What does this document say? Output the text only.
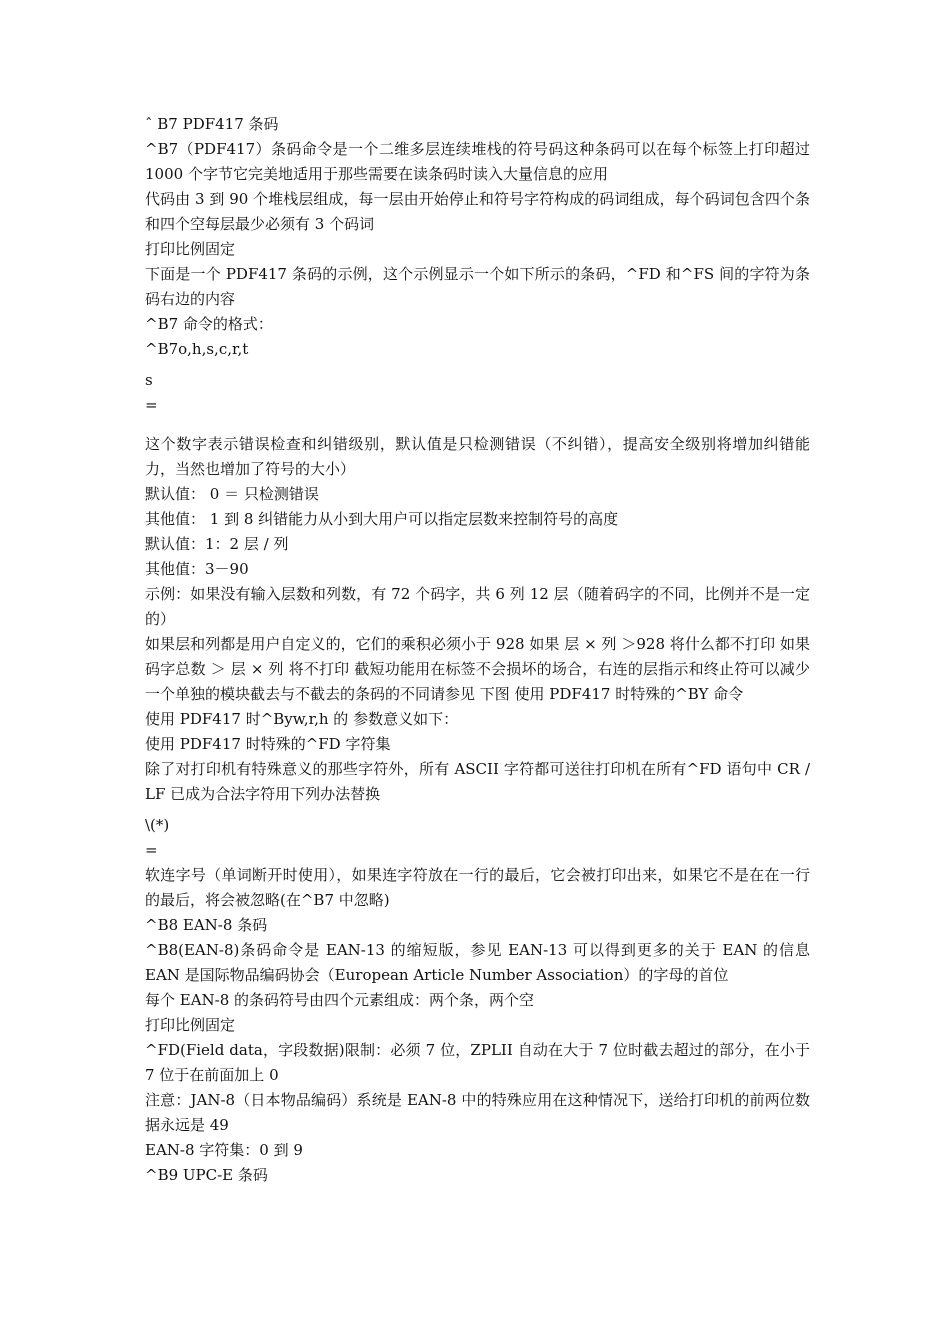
ˆ B7 PDF417 条码

^B7（PDF417）条码命令是一个二维多层连续堆栈的符号码这种条码可以在每个标签上打印超过 1000 个字节它完美地适用于那些需要在读条码时读入大量信息的应用

代码由 3 到 90 个堆栈层组成，每一层由开始停止和符号字符构成的码词组成，每个码词包含四个条和四个空每层最少必须有 3 个码词

打印比例固定

下面是一个 PDF417 条码的示例，这个示例显示一个如下所示的条码，^FD 和^FS 间的字符为条码右边的内容

^B7 命令的格式：

^B7o,h,s,c,r,t

s

=

这个数字表示错误检查和纠错级别，默认值是只检测错误（不纠错），提高安全级别将增加纠错能力，当然也增加了符号的大小）

默认值： 0 ＝ 只检测错误

其他值： 1 到 8 纠错能力从小到大用户可以指定层数来控制符号的高度

默认值：1：2 层 / 列

其他值：3－90

示例：如果没有输入层数和列数，有 72 个码字，共 6 列 12 层（随着码字的不同，比例并不是一定的）

如果层和列都是用户自定义的，它们的乘积必须小于 928 如果 层 × 列 ＞928 将什么都不打印 如果 码字总数 ＞ 层 × 列 将不打印 截短功能用在标签不会损坏的场合，右连的层指示和终止符可以减少一个单独的模块截去与不截去的条码的不同请参见 下图 使用 PDF417 时特殊的^BY 命令

使用 PDF417 时^Byw,r,h 的 参数意义如下：

使用 PDF417 时特殊的^FD 字符集

除了对打印机有特殊意义的那些字符外，所有 ASCII 字符都可送往打印机在所有^FD 语句中 CR / LF 已成为合法字符用下列办法替换

\(*)

=

软连字号（单词断开时使用），如果连字符放在一行的最后，它会被打印出来，如果它不是在在一行的最后，将会被忽略(在^B7 中忽略)

^B8 EAN-8 条码

^B8(EAN-8)条码命令是 EAN-13 的缩短版，参见 EAN-13 可以得到更多的关于 EAN 的信息 EAN 是国际物品编码协会（European Article Number Association）的字母的首位

每个 EAN-8 的条码符号由四个元素组成：两个条，两个空

打印比例固定

^FD(Field data，字段数据)限制：必须 7 位，ZPLII 自动在大于 7 位时截去超过的部分，在小于 7 位于在前面加上 0

注意：JAN-8（日本物品编码）系统是 EAN-8 中的特殊应用在这种情况下，送给打印机的前两位数据永远是 49

EAN-8 字符集：0 到 9

^B9 UPC-E 条码
